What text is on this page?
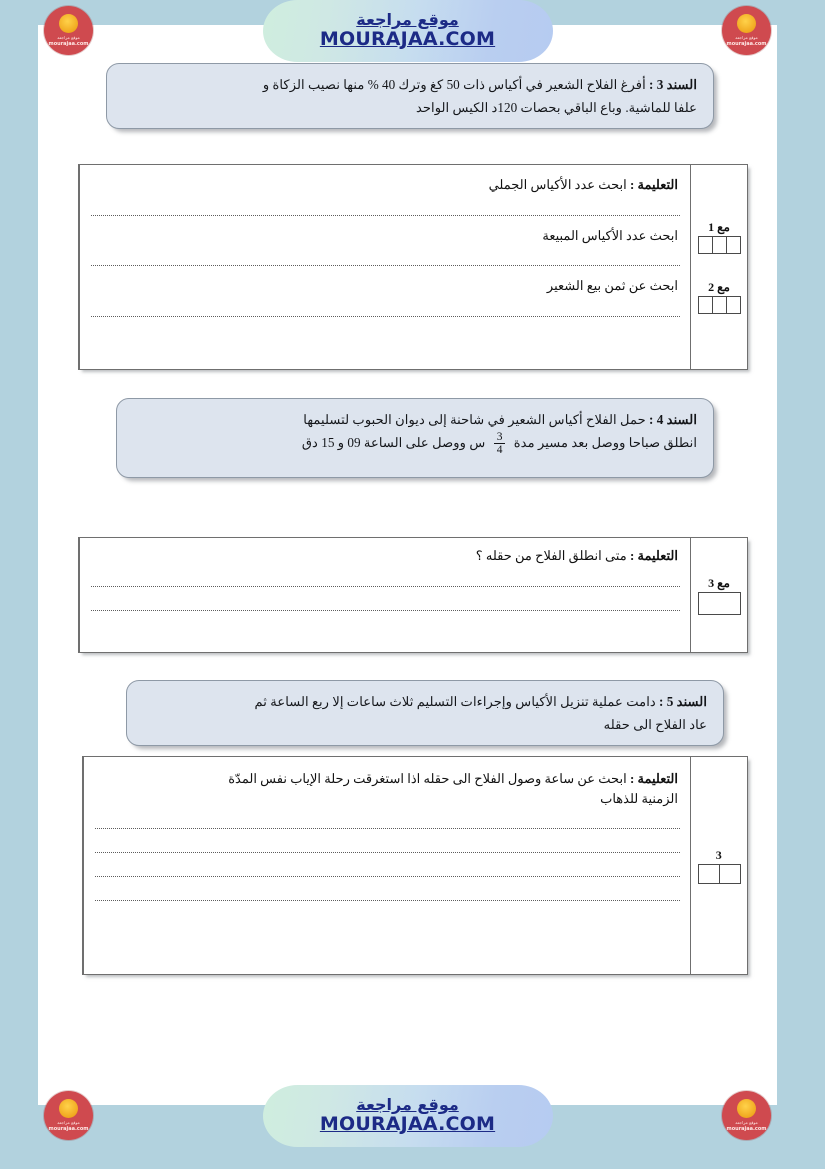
موقع مراجعة
mourajaa.com
موقع مراجعة
MOURAJAA.COM	موقع مراجعة
mourajaa.com
السند 3 : أفرغ الفلاح الشعير في أكياس ذات 50 كغ وترك 40 % منها نصيب الزكاة و
علفا للماشية. وباع الباقي بحصات 120د الكيس الواحد
مع 1
مع 2
التعليمة : ابحث عدد الأكياس الجملي
ابحث عدد الأكياس المبيعة
ابحث عن ثمن بيع الشعير
السند 4 : حمل الفلاح أكياس الشعير في شاحنة إلى ديوان الحبوب لتسليمها
انطلق صباحا ووصل بعد مسير مدة
$\frac{3}{4}$
س ووصل على الساعة 09 و 15 دق
مع 3
التعليمة : متى انطلق الفلاح من حقله ؟
السند 5 : دامت عملية تنزيل الأكياس وإجراءات التسليم ثلاث ساعات إلا ربع الساعة ثم
عاد الفلاح الى حقله
3
التعليمة : ابحث عن ساعة وصول الفلاح الى حقله اذا استغرقت رحلة الإياب نفس المدّة
الزمنية للذهاب
موقع مراجعة
mourajaa.com
موقع مراجعة
MOURAJAA.COM	موقع مراجعة
mourajaa.com
